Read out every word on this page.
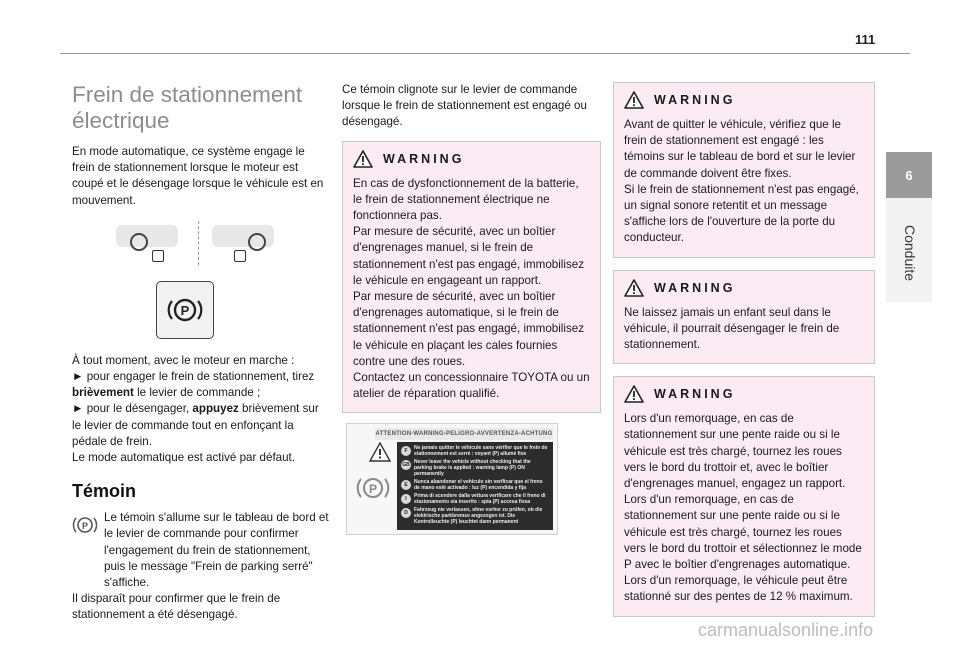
111
6
Conduite
Frein de stationnement électrique

En mode automatique, ce système engage le frein de stationnement lorsque le moteur est coupé et le désengage lorsque le véhicule est en mouvement.

P

À tout moment, avec le moteur en marche :

► pour engager le frein de stationnement, tirez brièvement le levier de commande ;

► pour le désengager, appuyez brièvement sur le levier de commande tout en enfonçant la pédale de frein.

Le mode automatique est activé par défaut.

Témoin
P

Le témoin s'allume sur le tableau de bord et le levier de commande pour confirmer l'engagement du frein de stationnement, puis le message "Frein de parking serré" s'affiche.

Il disparaît pour confirmer que le frein de stationnement a été désengagé.

Ce témoin clignote sur le levier de commande lorsque le frein de stationnement est engagé ou désengagé.

WARNING

En cas de dysfonctionnement de la batterie, le frein de stationnement électrique ne fonctionnera pas.

Par mesure de sécurité, avec un boîtier d'engrenages manuel, si le frein de stationnement n'est pas engagé, immobilisez le véhicule en engageant un rapport.

Par mesure de sécurité, avec un boîtier d'engrenages automatique, si le frein de stationnement n'est pas engagé, immobilisez le véhicule en plaçant les cales fournies contre une des roues.

Contactez un concessionnaire TOYOTA ou un atelier de réparation qualifié.

ATTENTION-WARNING-PELIGRO-AVVERTENZA-ACHTUNG
P
F	Ne jamais quitter le véhicule sans vérifier que le frein de stationnement est serré : voyant (P) allumé fixe
GB Never leave the vehicle without checking that the parking brake is applied : warning lamp (P) ON permanently
E	Nunca abandonar el vehículo sin verificar que el freno de mano esté activado : luz (P) encendida y fija
I	Prima di scendere dalla vettura verificare che il freno di stazionamento sia inserito : spia (P) accesa fissa
D	Fahrzeug nie verlassen, ohne vorher zu prüfen, ob die elektrische parkbremse angezogen ist. Die Kontrolleuchte (P) leuchtet dann permanent
WARNING

Avant de quitter le véhicule, vérifiez que le frein de stationnement est engagé : les témoins sur le tableau de bord et sur le levier de commande doivent être fixes.

Si le frein de stationnement n'est pas engagé, un signal sonore retentit et un message s'affiche lors de l'ouverture de la porte du conducteur.

WARNING

Ne laissez jamais un enfant seul dans le véhicule, il pourrait désengager le frein de stationnement.

WARNING

Lors d'un remorquage, en cas de stationnement sur une pente raide ou si le véhicule est très chargé, tournez les roues vers le bord du trottoir et, avec le boîtier d'engrenages manuel, engagez un rapport.

Lors d'un remorquage, en cas de stationnement sur une pente raide ou si le véhicule est très chargé, tournez les roues vers le bord du trottoir et sélectionnez le mode P avec le boîtier d'engrenages automatique.

Lors d'un remorquage, le véhicule peut être stationné sur des pentes de 12 % maximum.

carmanualsonline.info
